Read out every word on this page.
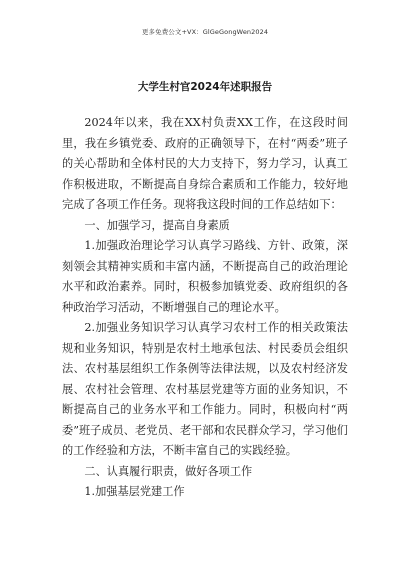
更多免费公文+VX：GlGeGongWen2024
大学生村官2024年述职报告

2024年以来，我在XX村负责XX工作，在这段时间里，我在乡镇党委、政府的正确领导下，在村“两委”班子的关心帮助和全体村民的大力支持下，努力学习，认真工作积极进取，不断提高自身综合素质和工作能力，较好地完成了各项工作任务。现将我这段时间的工作总结如下：

一、加强学习，提高自身素质

1.加强政治理论学习认真学习路线、方针、政策，深刻领会其精神实质和丰富内涵，不断提高自己的政治理论水平和政治素养。同时，积极参加镇党委、政府组织的各种政治学习活动，不断增强自己的理论水平。

2.加强业务知识学习认真学习农村工作的相关政策法规和业务知识，特别是农村土地承包法、村民委员会组织法、农村基层组织工作条例等法律法规，以及农村经济发展、农村社会管理、农村基层党建等方面的业务知识，不断提高自己的业务水平和工作能力。同时，积极向村“两委”班子成员、老党员、老干部和农民群众学习，学习他们的工作经验和方法，不断丰富自己的实践经验。

二、认真履行职责，做好各项工作

1.加强基层党建工作
